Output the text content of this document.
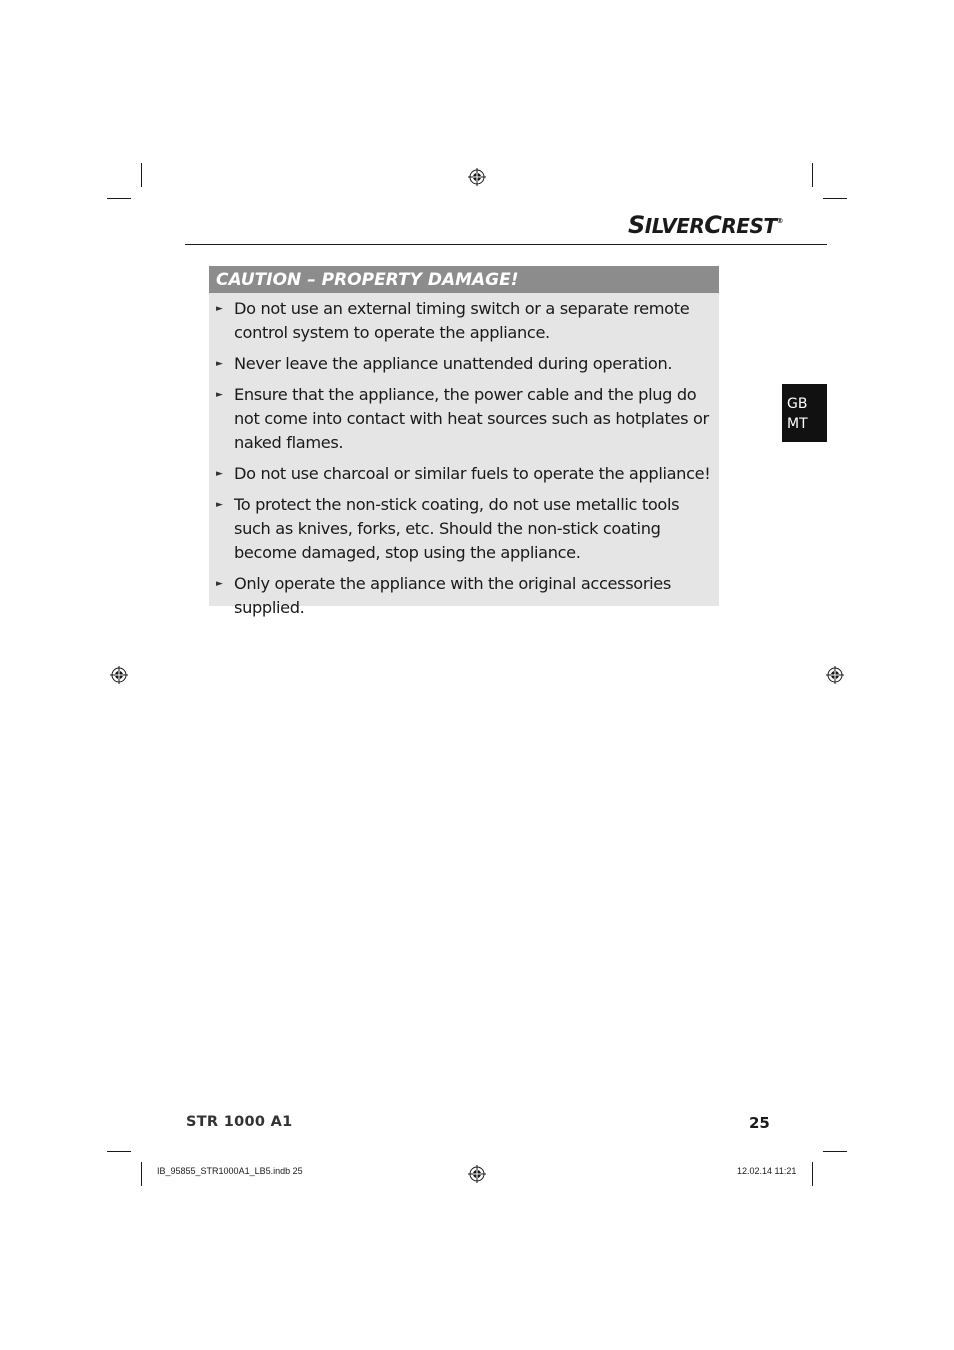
SILVERCREST®
GB
MT
CAUTION – PROPERTY DAMAGE!
► Do not use an external timing switch or a separate remote control system to operate the appliance.
► Never leave the appliance unattended during operation.
► Ensure that the appliance, the power cable and the plug do not come into contact with heat sources such as hotplates or naked flames.
► Do not use charcoal or similar fuels to operate the appliance!
► To protect the non-stick coating, do not use metallic tools such as knives, forks, etc. Should the non-stick coating become damaged, stop using the appliance.
► Only operate the appliance with the original accessories supplied.
STR 1000 A1	25
IB_95855_STR1000A1_LB5.indb 25	12.02.14 11:21
